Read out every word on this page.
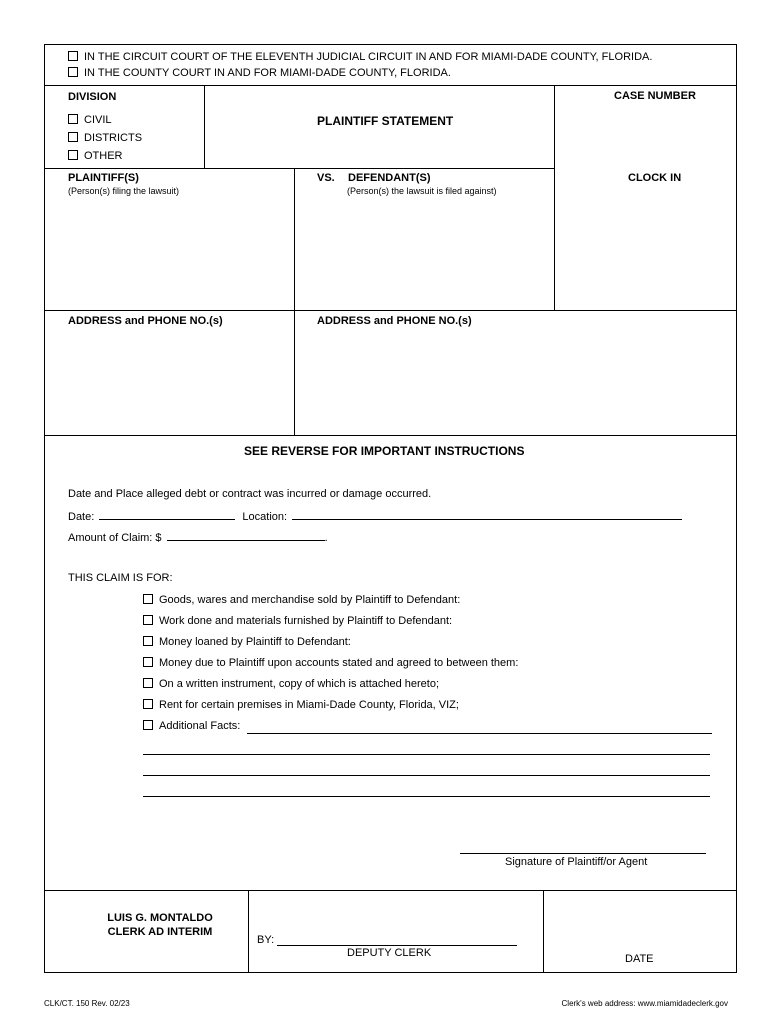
IN THE CIRCUIT COURT OF THE ELEVENTH JUDICIAL CIRCUIT IN AND FOR MIAMI-DADE COUNTY, FLORIDA.
IN THE COUNTY COURT IN AND FOR MIAMI-DADE COUNTY, FLORIDA.
DIVISION
CIVIL
DISTRICTS
OTHER
PLAINTIFF STATEMENT
CASE NUMBER
PLAINTIFF(S)
(Person(s) filing the lawsuit)
VS. DEFENDANT(S)
(Person(s) the lawsuit is filed against)
CLOCK IN
ADDRESS and PHONE NO.(s)	ADDRESS and PHONE NO.(s)
SEE REVERSE FOR IMPORTANT INSTRUCTIONS
Date and Place alleged debt or contract was incurred or damage occurred.
Date:	Location:
Amount of Claim: $	.
THIS CLAIM IS FOR:
Goods, wares and merchandise sold by Plaintiff to Defendant:
Work done and materials furnished by Plaintiff to Defendant:
Money loaned by Plaintiff to Defendant:
Money due to Plaintiff upon accounts stated and agreed to between them:
On a written instrument, copy of which is attached hereto;
Rent for certain premises in Miami-Dade County, Florida, VIZ;
Additional Facts:
Signature of Plaintiff/or Agent
LUIS G. MONTALDO
CLERK AD INTERIM
BY:
DEPUTY CLERK	DATE
CLK/CT. 150 Rev. 02/23	Clerk's web address: www.miamidadeclerk.gov
